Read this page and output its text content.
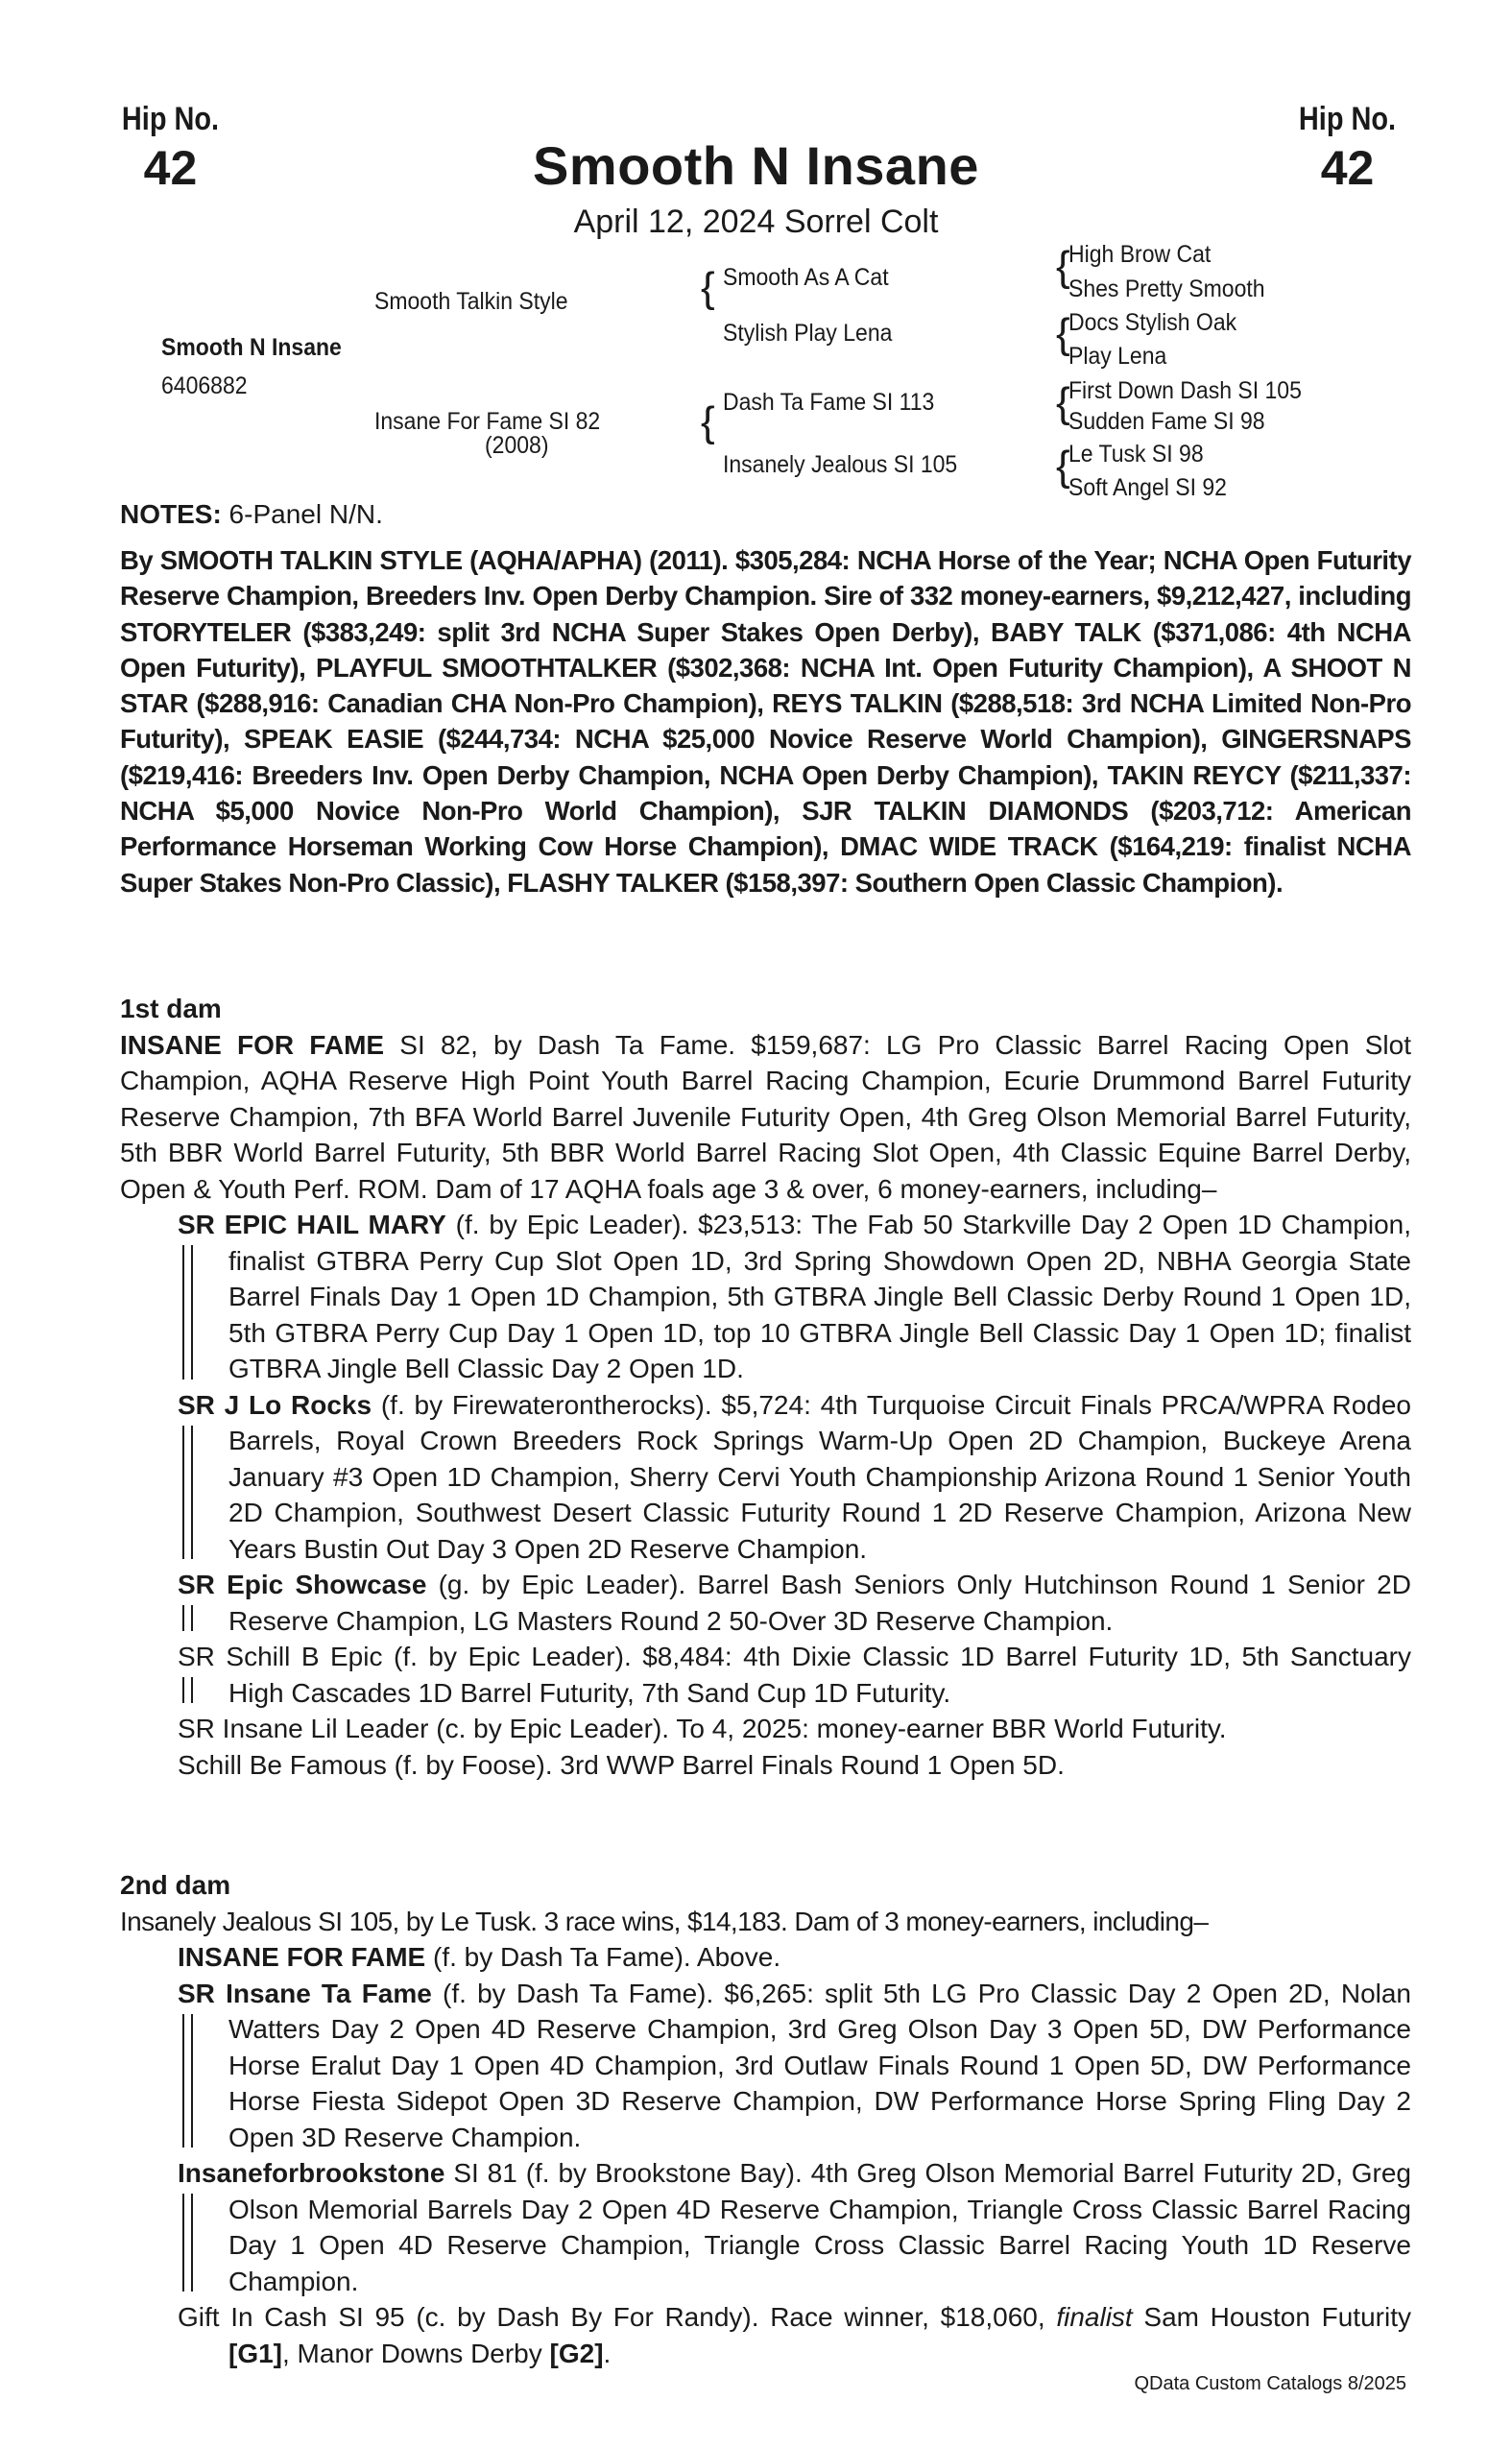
Hip No.
42
Hip No.
42
Smooth N Insane
April 12, 2024 Sorrel Colt
Smooth N Insane
6406882
Smooth Talkin Style
Insane For Fame SI 82
(2008)
{ Smooth As A Cat
Stylish Play Lena
{ Dash Ta Fame SI 113
Insanely Jealous SI 105
{
High Brow Cat
Shes Pretty Smooth
{
Docs Stylish Oak
Play Lena
{
First Down Dash SI 105
Sudden Fame SI 98
{
Le Tusk SI 98
Soft Angel SI 92
NOTES: 6-Panel N/N.
By SMOOTH TALKIN STYLE (AQHA/APHA) (2011). $305,284: NCHA Horse of the Year; NCHA Open Futurity Reserve Champion, Breeders Inv. Open Derby Champion. Sire of 332 money-earners, $9,212,427, including STORYTELER ($383,249: split 3rd NCHA Super Stakes Open Derby), BABY TALK ($371,086: 4th NCHA Open Futurity), PLAYFUL SMOOTHTALKER ($302,368: NCHA Int. Open Futurity Champion), A SHOOT N STAR ($288,916: Canadian CHA Non-Pro Champion), REYS TALKIN ($288,518: 3rd NCHA Limited Non-Pro Futurity), SPEAK EASIE ($244,734: NCHA $25,000 Novice Reserve World Champion), GINGERSNAPS ($219,416: Breeders Inv. Open Derby Champion, NCHA Open Derby Champion), TAKIN REYCY ($211,337: NCHA $5,000 Novice Non-Pro World Champion), SJR TALKIN DIAMONDS ($203,712: American Performance Horseman Working Cow Horse Champion), DMAC WIDE TRACK ($164,219: finalist NCHA Super Stakes Non-Pro Classic), FLASHY TALKER ($158,397: Southern Open Classic Champion).
1st dam
INSANE FOR FAME SI 82, by Dash Ta Fame. $159,687: LG Pro Classic Barrel Racing Open Slot Champion, AQHA Reserve High Point Youth Barrel Racing Champion, Ecurie Drummond Barrel Futurity Reserve Champion, 7th BFA World Barrel Juvenile Futurity Open, 4th Greg Olson Memorial Barrel Futurity, 5th BBR World Barrel Futurity, 5th BBR World Barrel Racing Slot Open, 4th Classic Equine Barrel Derby, Open & Youth Perf. ROM. Dam of 17 AQHA foals age 3 & over, 6 money-earners, including–
SR EPIC HAIL MARY (f. by Epic Leader). $23,513: The Fab 50 Starkville Day 2 Open 1D Champion, finalist GTBRA Perry Cup Slot Open 1D, 3rd Spring Showdown Open 2D, NBHA Georgia State Barrel Finals Day 1 Open 1D Champion, 5th GTBRA Jingle Bell Classic Derby Round 1 Open 1D, 5th GTBRA Perry Cup Day 1 Open 1D, top 10 GTBRA Jingle Bell Classic Day 1 Open 1D; finalist GTBRA Jingle Bell Classic Day 2 Open 1D.
SR J Lo Rocks (f. by Firewaterontherocks). $5,724: 4th Turquoise Circuit Finals PRCA/WPRA Rodeo Barrels, Royal Crown Breeders Rock Springs Warm-Up Open 2D Champion, Buckeye Arena January #3 Open 1D Champion, Sherry Cervi Youth Championship Arizona Round 1 Senior Youth 2D Champion, Southwest Desert Classic Futurity Round 1 2D Reserve Champion, Arizona New Years Bustin Out Day 3 Open 2D Reserve Champion.
SR Epic Showcase (g. by Epic Leader). Barrel Bash Seniors Only Hutchinson Round 1 Senior 2D Reserve Champion, LG Masters Round 2 50-Over 3D Reserve Champion.
SR Schill B Epic (f. by Epic Leader). $8,484: 4th Dixie Classic 1D Barrel Futurity 1D, 5th Sanctuary High Cascades 1D Barrel Futurity, 7th Sand Cup 1D Futurity.
SR Insane Lil Leader (c. by Epic Leader). To 4, 2025: money-earner BBR World Futurity.
Schill Be Famous (f. by Foose). 3rd WWP Barrel Finals Round 1 Open 5D.
2nd dam
Insanely Jealous SI 105, by Le Tusk. 3 race wins, $14,183. Dam of 3 money-earners, including–
INSANE FOR FAME (f. by Dash Ta Fame). Above.
SR Insane Ta Fame (f. by Dash Ta Fame). $6,265: split 5th LG Pro Classic Day 2 Open 2D, Nolan Watters Day 2 Open 4D Reserve Champion, 3rd Greg Olson Day 3 Open 5D, DW Performance Horse Eralut Day 1 Open 4D Champion, 3rd Outlaw Finals Round 1 Open 5D, DW Performance Horse Fiesta Sidepot Open 3D Reserve Champion, DW Performance Horse Spring Fling Day 2 Open 3D Reserve Champion.
Insaneforbrookstone SI 81 (f. by Brookstone Bay). 4th Greg Olson Memorial Barrel Futurity 2D, Greg Olson Memorial Barrels Day 2 Open 4D Reserve Champion, Triangle Cross Classic Barrel Racing Day 1 Open 4D Reserve Champion, Triangle Cross Classic Barrel Racing Youth 1D Reserve Champion.
Gift In Cash SI 95 (c. by Dash By For Randy). Race winner, $18,060, finalist Sam Houston Futurity [G1], Manor Downs Derby [G2].
QData Custom Catalogs 8/2025
